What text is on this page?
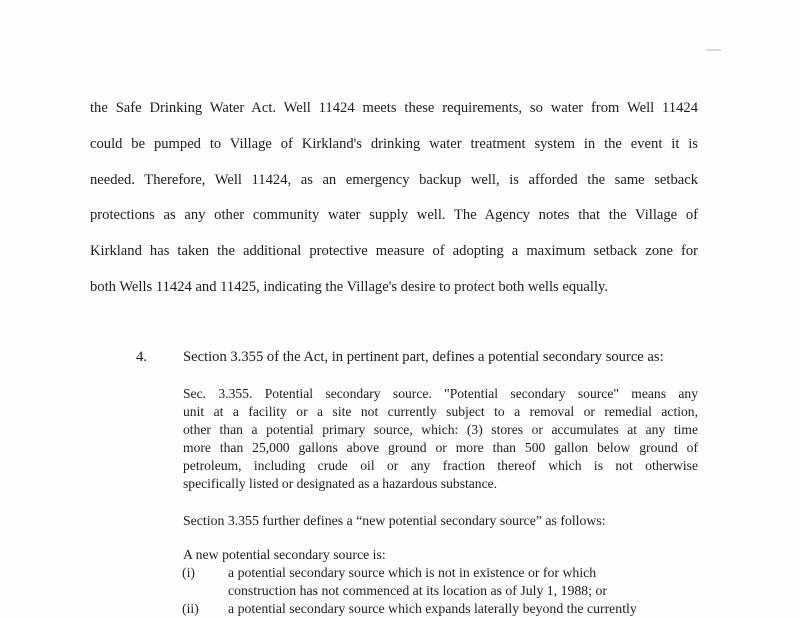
the Safe Drinking Water Act. Well 11424 meets these requirements, so water from Well 11424
could be pumped to Village of Kirkland's drinking water treatment system in the event it is
needed. Therefore, Well 11424, as an emergency backup well, is afforded the same setback
protections as any other community water supply well. The Agency notes that the Village of
Kirkland has taken the additional protective measure of adopting a maximum setback zone for
both Wells 11424 and 11425, indicating the Village's desire to protect both wells equally.
4. Section 3.355 of the Act, in pertinent part, defines a potential secondary source as:
Sec. 3.355. Potential secondary source. "Potential secondary source" means any
unit at a facility or a site not currently subject to a removal or remedial action,
other than a potential primary source, which: (3) stores or accumulates at any time
more than 25,000 gallons above ground or more than 500 gallon below ground of
petroleum, including crude oil or any fraction thereof which is not otherwise
specifically listed or designated as a hazardous substance.
Section 3.355 further defines a “new potential secondary source” as follows:
A new potential secondary source is:
(i) a potential secondary source which is not in existence or for which
construction has not commenced at its location as of July 1, 1988; or
(ii) a potential secondary source which expands laterally beyond the currently
